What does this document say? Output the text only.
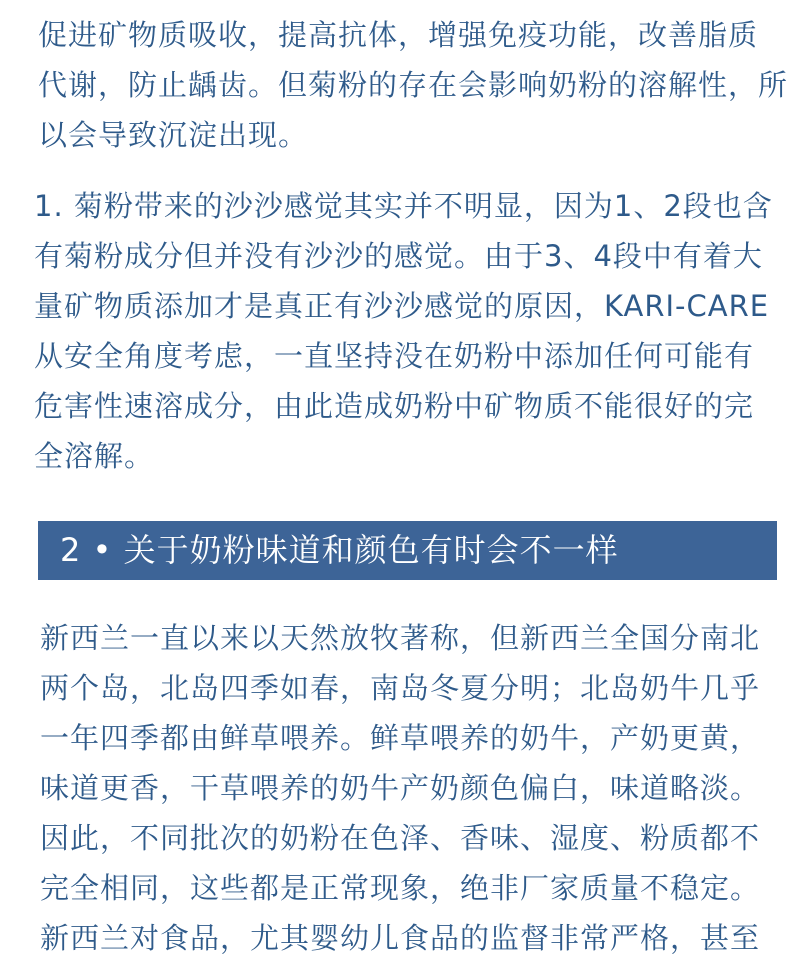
促进矿物质吸收，提高抗体，增强免疫功能，改善脂质
代谢，防止龋齿。但菊粉的存在会影响奶粉的溶解性，所
以会导致沉淀出现。
1. 菊粉带来的沙沙感觉其实并不明显，因为1、2段也含
有菊粉成分但并没有沙沙的感觉。由于3、4段中有着大
量矿物质添加才是真正有沙沙感觉的原因，KARI-CARE
从安全角度考虑，一直坚持没在奶粉中添加任何可能有
危害性速溶成分，由此造成奶粉中矿物质不能很好的完
全溶解。
2 • 关于奶粉味道和颜色有时会不一样
新西兰一直以来以天然放牧著称，但新西兰全国分南北
两个岛，北岛四季如春，南岛冬夏分明；北岛奶牛几乎
一年四季都由鲜草喂养。鲜草喂养的奶牛，产奶更黄，
味道更香，干草喂养的奶牛产奶颜色偏白，味道略淡。
因此，不同批次的奶粉在色泽、香味、湿度、粉质都不
完全相同，这些都是正常现象，绝非厂家质量不稳定。
新西兰对食品，尤其婴幼儿食品的监督非常严格，甚至
